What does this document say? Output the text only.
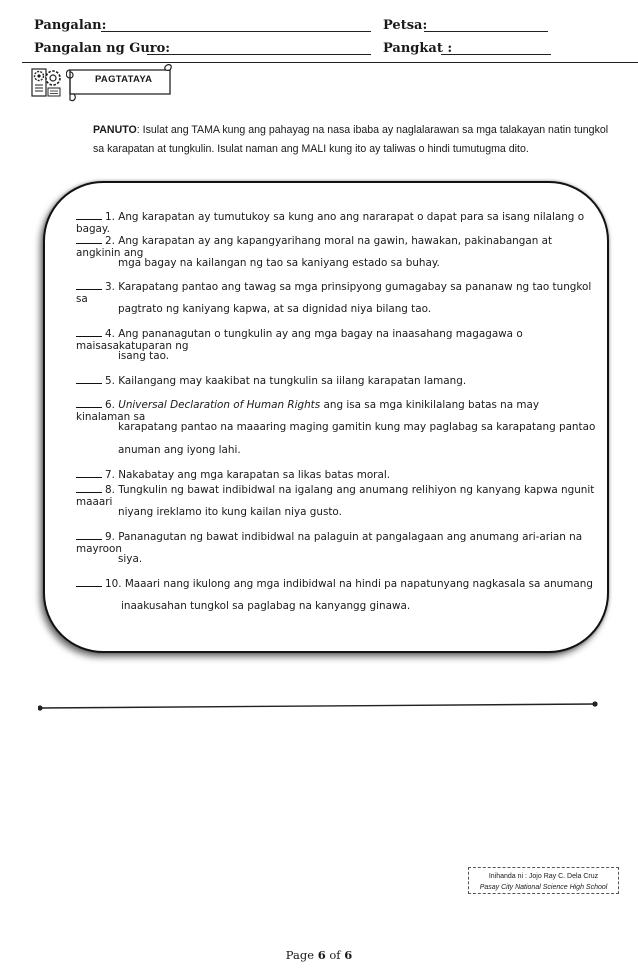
Pangalan:	Petsa:
Pangalan ng Guro:	Pangkat :
PAGTATAYA
PANUTO: Isulat ang TAMA kung ang pahayag na nasa ibaba ay naglalarawan sa mga talakayan natin tungkol sa karapatan at tungkulin. Isulat naman ang MALI kung ito ay taliwas o hindi tumutugma dito.
1. Ang karapatan ay tumutukoy sa kung ano ang nararapat o dapat para sa isang nilalang o bagay.
2. Ang karapatan ay ang kapangyarihang moral na gawin, hawakan, pakinabangan at angkinin ang
mga bagay na kailangan ng tao sa kaniyang estado sa buhay.
3. Karapatang pantao ang tawag sa mga prinsipyong gumagabay sa pananaw ng tao tungkol sa
pagtrato ng kaniyang kapwa, at sa dignidad niya bilang tao.
4. Ang pananagutan o tungkulin ay ang mga bagay na inaasahang magagawa o maisasakatuparan ng
isang tao.
5. Kailangang may kaakibat na tungkulin sa iilang karapatan lamang.
6. Universal Declaration of Human Rights ang isa sa mga kinikilalang batas na may kinalaman sa
karapatang pantao na maaaring maging gamitin kung may paglabag sa karapatang pantao
anuman ang iyong lahi.
7. Nakabatay ang mga karapatan sa likas batas moral.
8. Tungkulin ng bawat indibidwal na igalang ang anumang relihiyon ng kanyang kapwa ngunit maaari
niyang ireklamo ito kung kailan niya gusto.
9. Pananagutan ng bawat indibidwal na palaguin at pangalagaan ang anumang ari-arian na mayroon
siya.
10. Maaari nang ikulong ang mga indibidwal na hindi pa napatunyang nagkasala sa anumang
inaakusahan tungkol sa paglabag na kanyangg ginawa.
Inihanda ni : Jojo Ray C. Dela Cruz
Pasay City National Science High School
Page 6 of 6
